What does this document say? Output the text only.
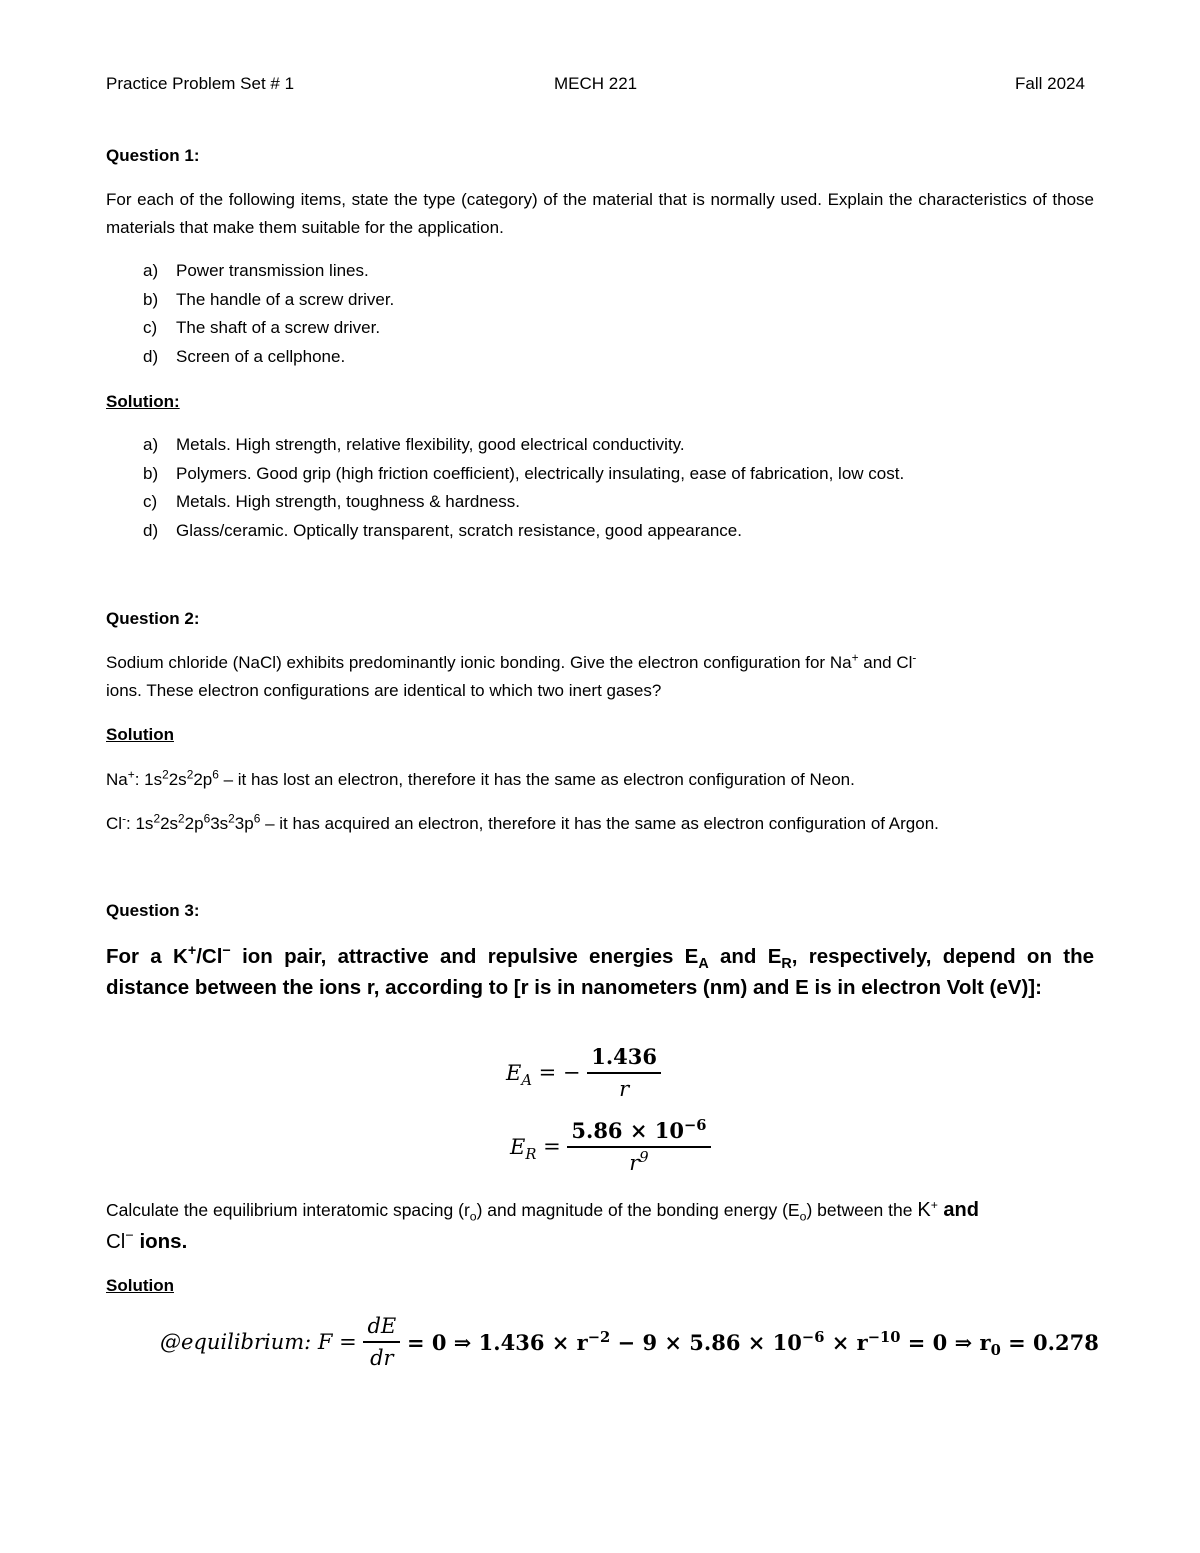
Practice Problem Set # 1	MECH 221	Fall 2024
Question 1:
For each of the following items, state the type (category) of the material that is normally used. Explain the characteristics of those materials that make them suitable for the application.
a) Power transmission lines.
b) The handle of a screw driver.
c) The shaft of a screw driver.
d) Screen of a cellphone.
Solution:
a) Metals. High strength, relative flexibility, good electrical conductivity.
b) Polymers. Good grip (high friction coefficient), electrically insulating, ease of fabrication, low cost.
c) Metals. High strength, toughness & hardness.
d) Glass/ceramic. Optically transparent, scratch resistance, good appearance.
Question 2:
Sodium chloride (NaCl) exhibits predominantly ionic bonding. Give the electron configuration for Na+ and Cl-
ions. These electron configurations are identical to which two inert gases?
Solution
Na+: $1s^22s^22p^6$ – it has lost an electron, therefore it has the same as electron configuration of Neon.
Cl-: $1s^22s^22p^63s^23p^6$ – it has acquired an electron, therefore it has the same as electron configuration of Argon.
Question 3:
For a K+/Cl− ion pair, attractive and repulsive energies $E_A$ and $E_R$, respectively, depend on the distance between the ions r, according to [r is in nanometers (nm) and E is in electron Volt (eV)]:
$E_A$ = − $\frac{1.436}{r}$
$E_R = \frac{5.86 \times 10^{-6}}{r^9}$
Calculate the equilibrium interatomic spacing $(r_o)$ and magnitude of the bonding energy $(E_o)$ between the K+ and
Cl− ions.
Solution
@equilibrium: $F = \frac{dE}{dr} = 0$ ⇒ $1.436 \times r^{-2} - 9 \times 5.86 \times 10^{-6} \times r^{-10} = 0$ ⇒ $r_0 = 0.278$
